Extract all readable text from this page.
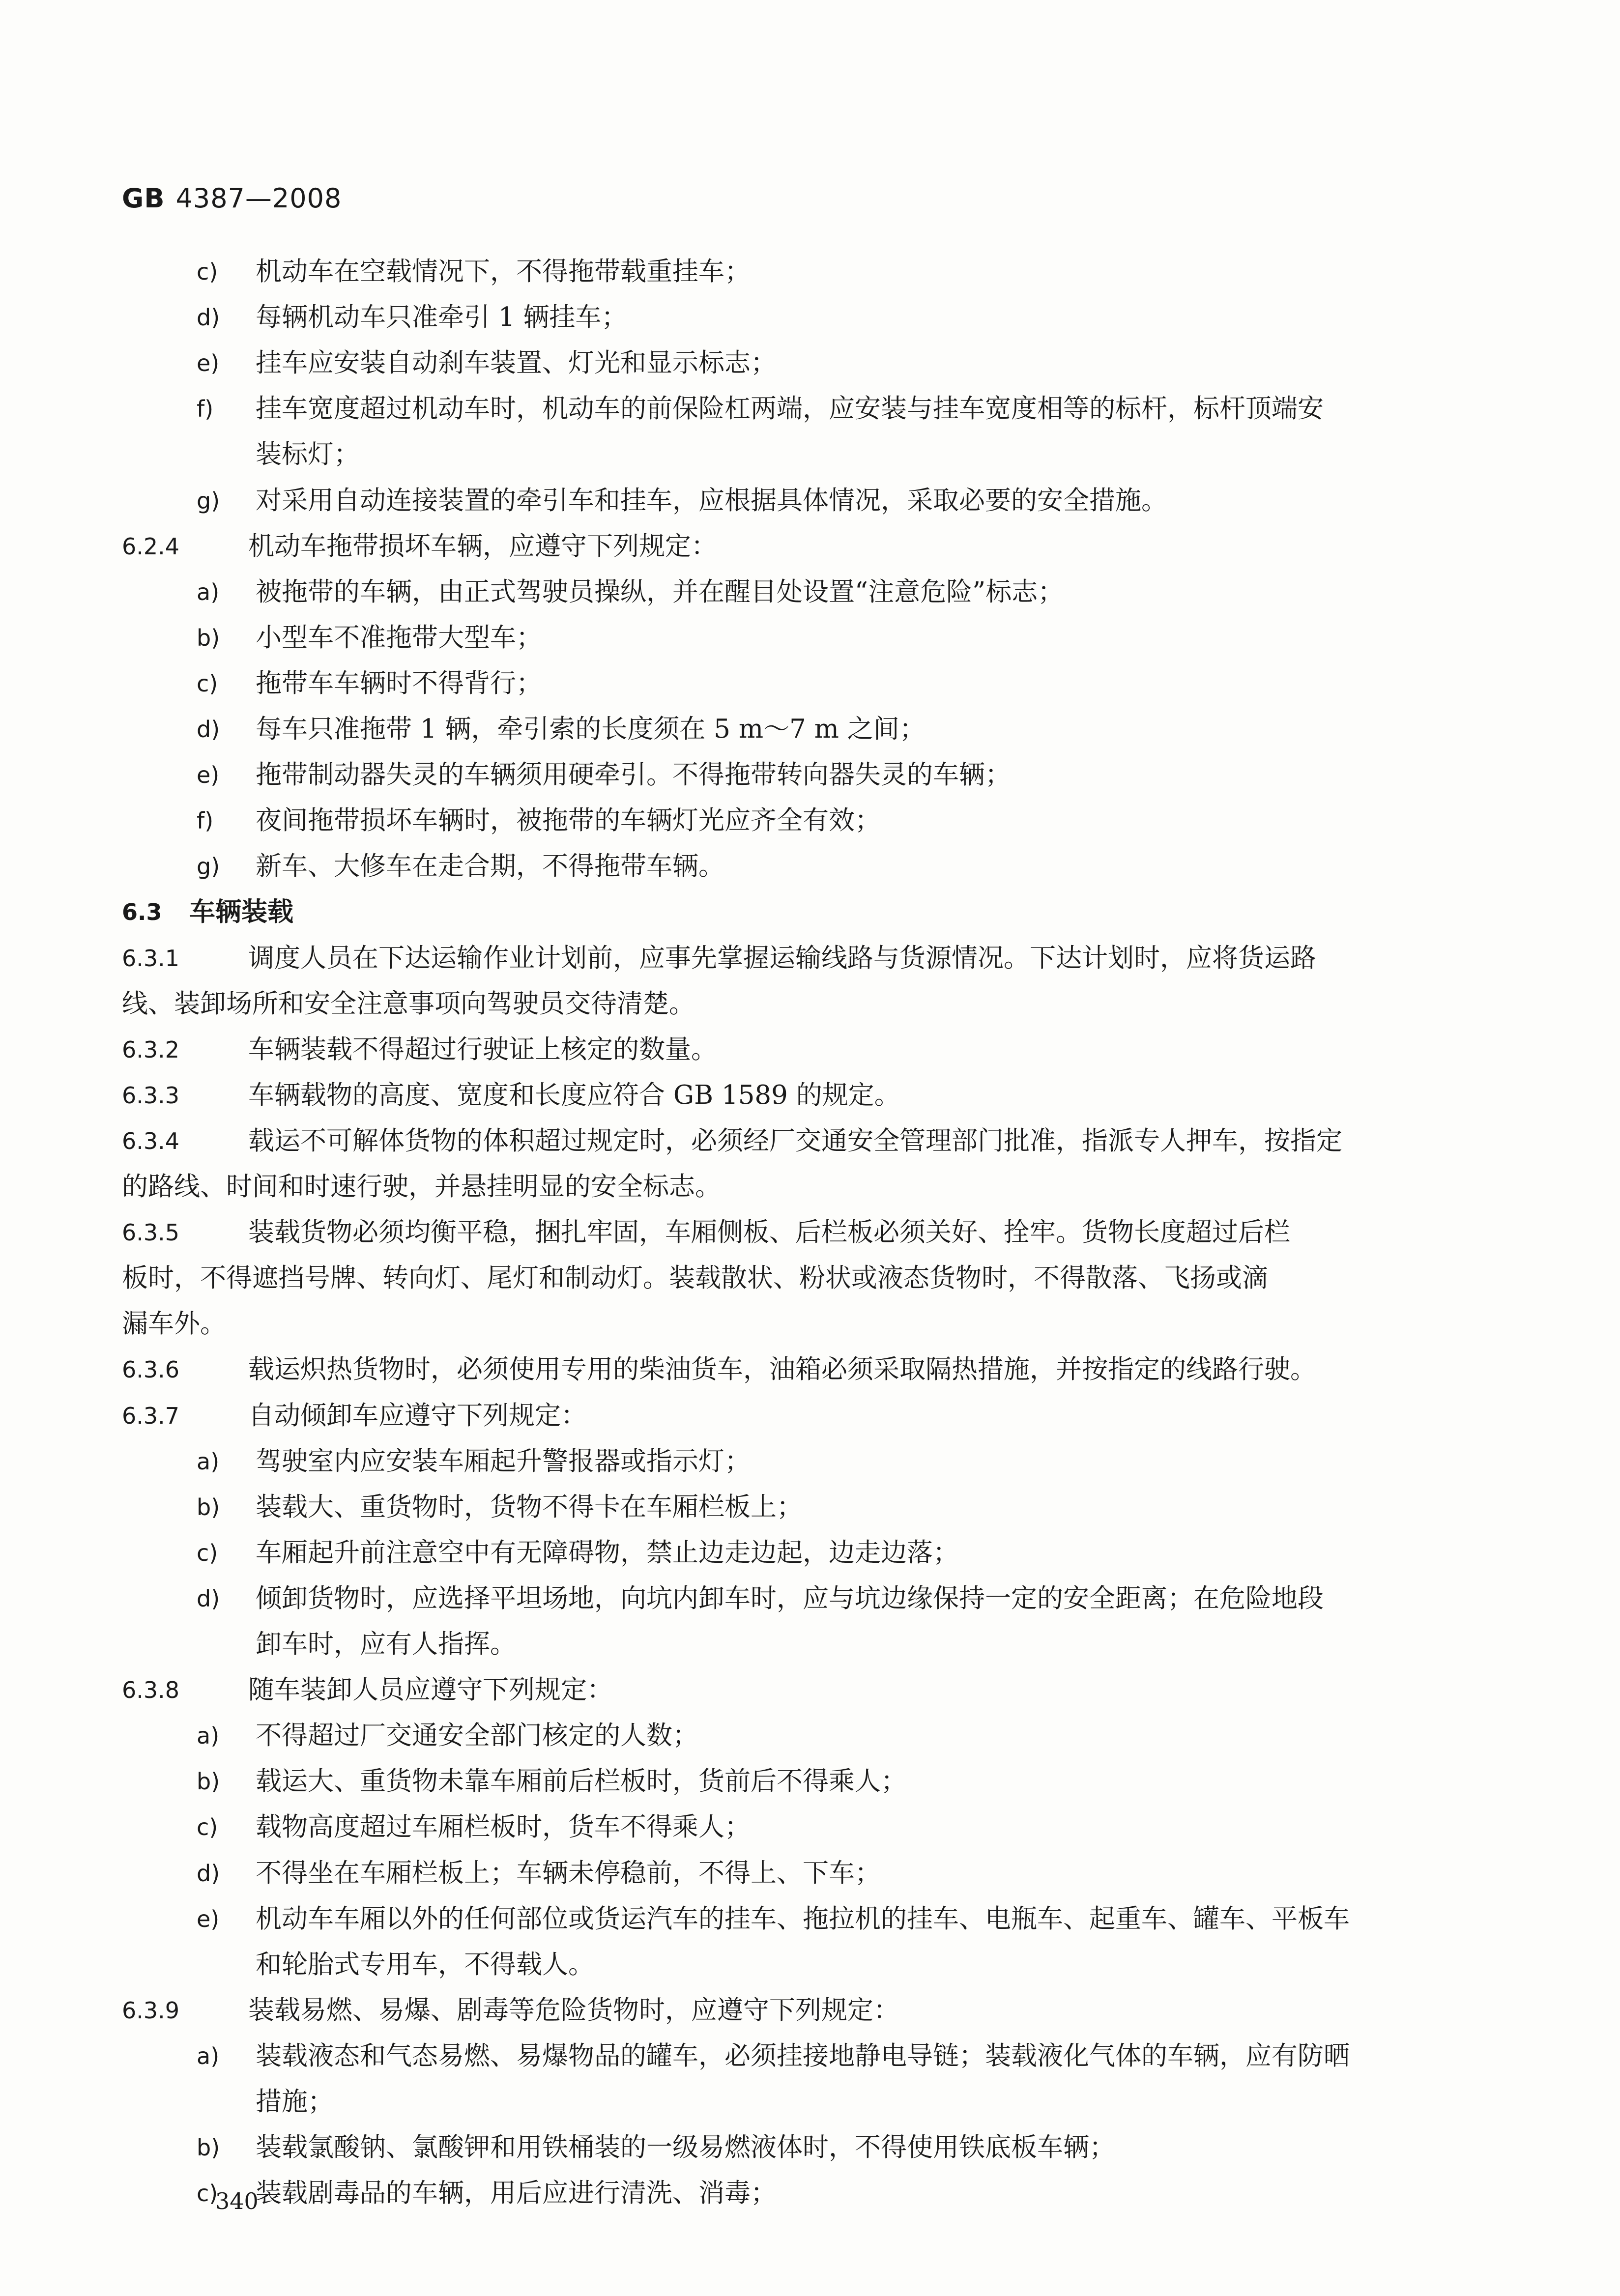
GB 4387—2008
c) 机动车在空载情况下，不得拖带载重挂车；
d) 每辆机动车只准牵引 1 辆挂车；
e) 挂车应安装自动刹车装置、灯光和显示标志；
f) 挂车宽度超过机动车时，机动车的前保险杠两端，应安装与挂车宽度相等的标杆，标杆顶端安
装标灯；
g) 对采用自动连接装置的牵引车和挂车，应根据具体情况，采取必要的安全措施。
6.2.4	机动车拖带损坏车辆，应遵守下列规定：
a) 被拖带的车辆，由正式驾驶员操纵，并在醒目处设置“注意危险”标志；
b) 小型车不准拖带大型车；
c) 拖带车车辆时不得背行；
d) 每车只准拖带 1 辆，牵引索的长度须在 5 m～7 m 之间；
e) 拖带制动器失灵的车辆须用硬牵引。不得拖带转向器失灵的车辆；
f) 夜间拖带损坏车辆时，被拖带的车辆灯光应齐全有效；
g) 新车、大修车在走合期，不得拖带车辆。
6.3 车辆装载
6.3.1	调度人员在下达运输作业计划前，应事先掌握运输线路与货源情况。下达计划时，应将货运路
线、装卸场所和安全注意事项向驾驶员交待清楚。
6.3.2	车辆装载不得超过行驶证上核定的数量。
6.3.3	车辆载物的高度、宽度和长度应符合 GB 1589 的规定。
6.3.4	载运不可解体货物的体积超过规定时，必须经厂交通安全管理部门批准，指派专人押车，按指定
的路线、时间和时速行驶，并悬挂明显的安全标志。
6.3.5	装载货物必须均衡平稳，捆扎牢固，车厢侧板、后栏板必须关好、拴牢。货物长度超过后栏
板时，不得遮挡号牌、转向灯、尾灯和制动灯。装载散状、粉状或液态货物时，不得散落、飞扬或滴
漏车外。
6.3.6	载运炽热货物时，必须使用专用的柴油货车，油箱必须采取隔热措施，并按指定的线路行驶。
6.3.7	自动倾卸车应遵守下列规定：
a) 驾驶室内应安装车厢起升警报器或指示灯；
b) 装载大、重货物时，货物不得卡在车厢栏板上；
c) 车厢起升前注意空中有无障碍物，禁止边走边起，边走边落；
d) 倾卸货物时，应选择平坦场地，向坑内卸车时，应与坑边缘保持一定的安全距离；在危险地段
卸车时，应有人指挥。
6.3.8	随车装卸人员应遵守下列规定：
a) 不得超过厂交通安全部门核定的人数；
b) 载运大、重货物未靠车厢前后栏板时，货前后不得乘人；
c) 载物高度超过车厢栏板时，货车不得乘人；
d) 不得坐在车厢栏板上；车辆未停稳前，不得上、下车；
e) 机动车车厢以外的任何部位或货运汽车的挂车、拖拉机的挂车、电瓶车、起重车、罐车、平板车
和轮胎式专用车，不得载人。
6.3.9	装载易燃、易爆、剧毒等危险货物时，应遵守下列规定：
a) 装载液态和气态易燃、易爆物品的罐车，必须挂接地静电导链；装载液化气体的车辆，应有防晒
措施；
b) 装载氯酸钠、氯酸钾和用铁桶装的一级易燃液体时，不得使用铁底板车辆；
c) 装载剧毒品的车辆，用后应进行清洗、消毒；
340
